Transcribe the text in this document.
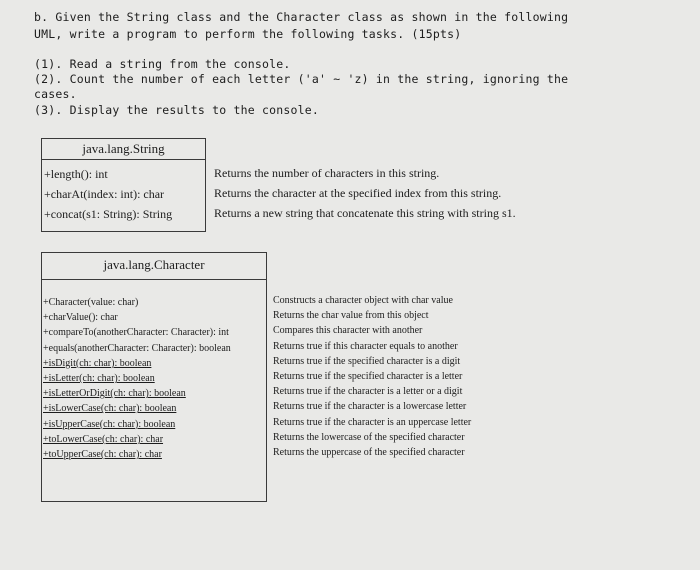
b. Given the String class and the Character class as shown in the following
UML, write a program to perform the following tasks. (15pts)
(1). Read a string from the console.
(2). Count the number of each letter ('a' ~ 'z) in the string, ignoring the
cases.
(3). Display the results to the console.
java.lang.String
+length(): int
+charAt(index: int): char
+concat(s1: String): String
Returns the number of characters in this string.
Returns the character at the specified index from this string.
Returns a new string that concatenate this string with string s1.
java.lang.Character
+Character(value: char)
+charValue(): char
+compareTo(anotherCharacter: Character): int
+equals(anotherCharacter: Character): boolean
+isDigit(ch: char): boolean
+isLetter(ch: char): boolean
+isLetterOrDigit(ch: char): boolean
+isLowerCase(ch: char): boolean
+isUpperCase(ch: char): boolean
+toLowerCase(ch: char): char
+toUpperCase(ch: char): char
Constructs a character object with char value
Returns the char value from this object
Compares this character with another
Returns true if this character equals to another
Returns true if the specified character is a digit
Returns true if the specified character is a letter
Returns true if the character is a letter or a digit
Returns true if the character is a lowercase letter
Returns true if the character is an uppercase letter
Returns the lowercase of the specified character
Returns the uppercase of the specified character
